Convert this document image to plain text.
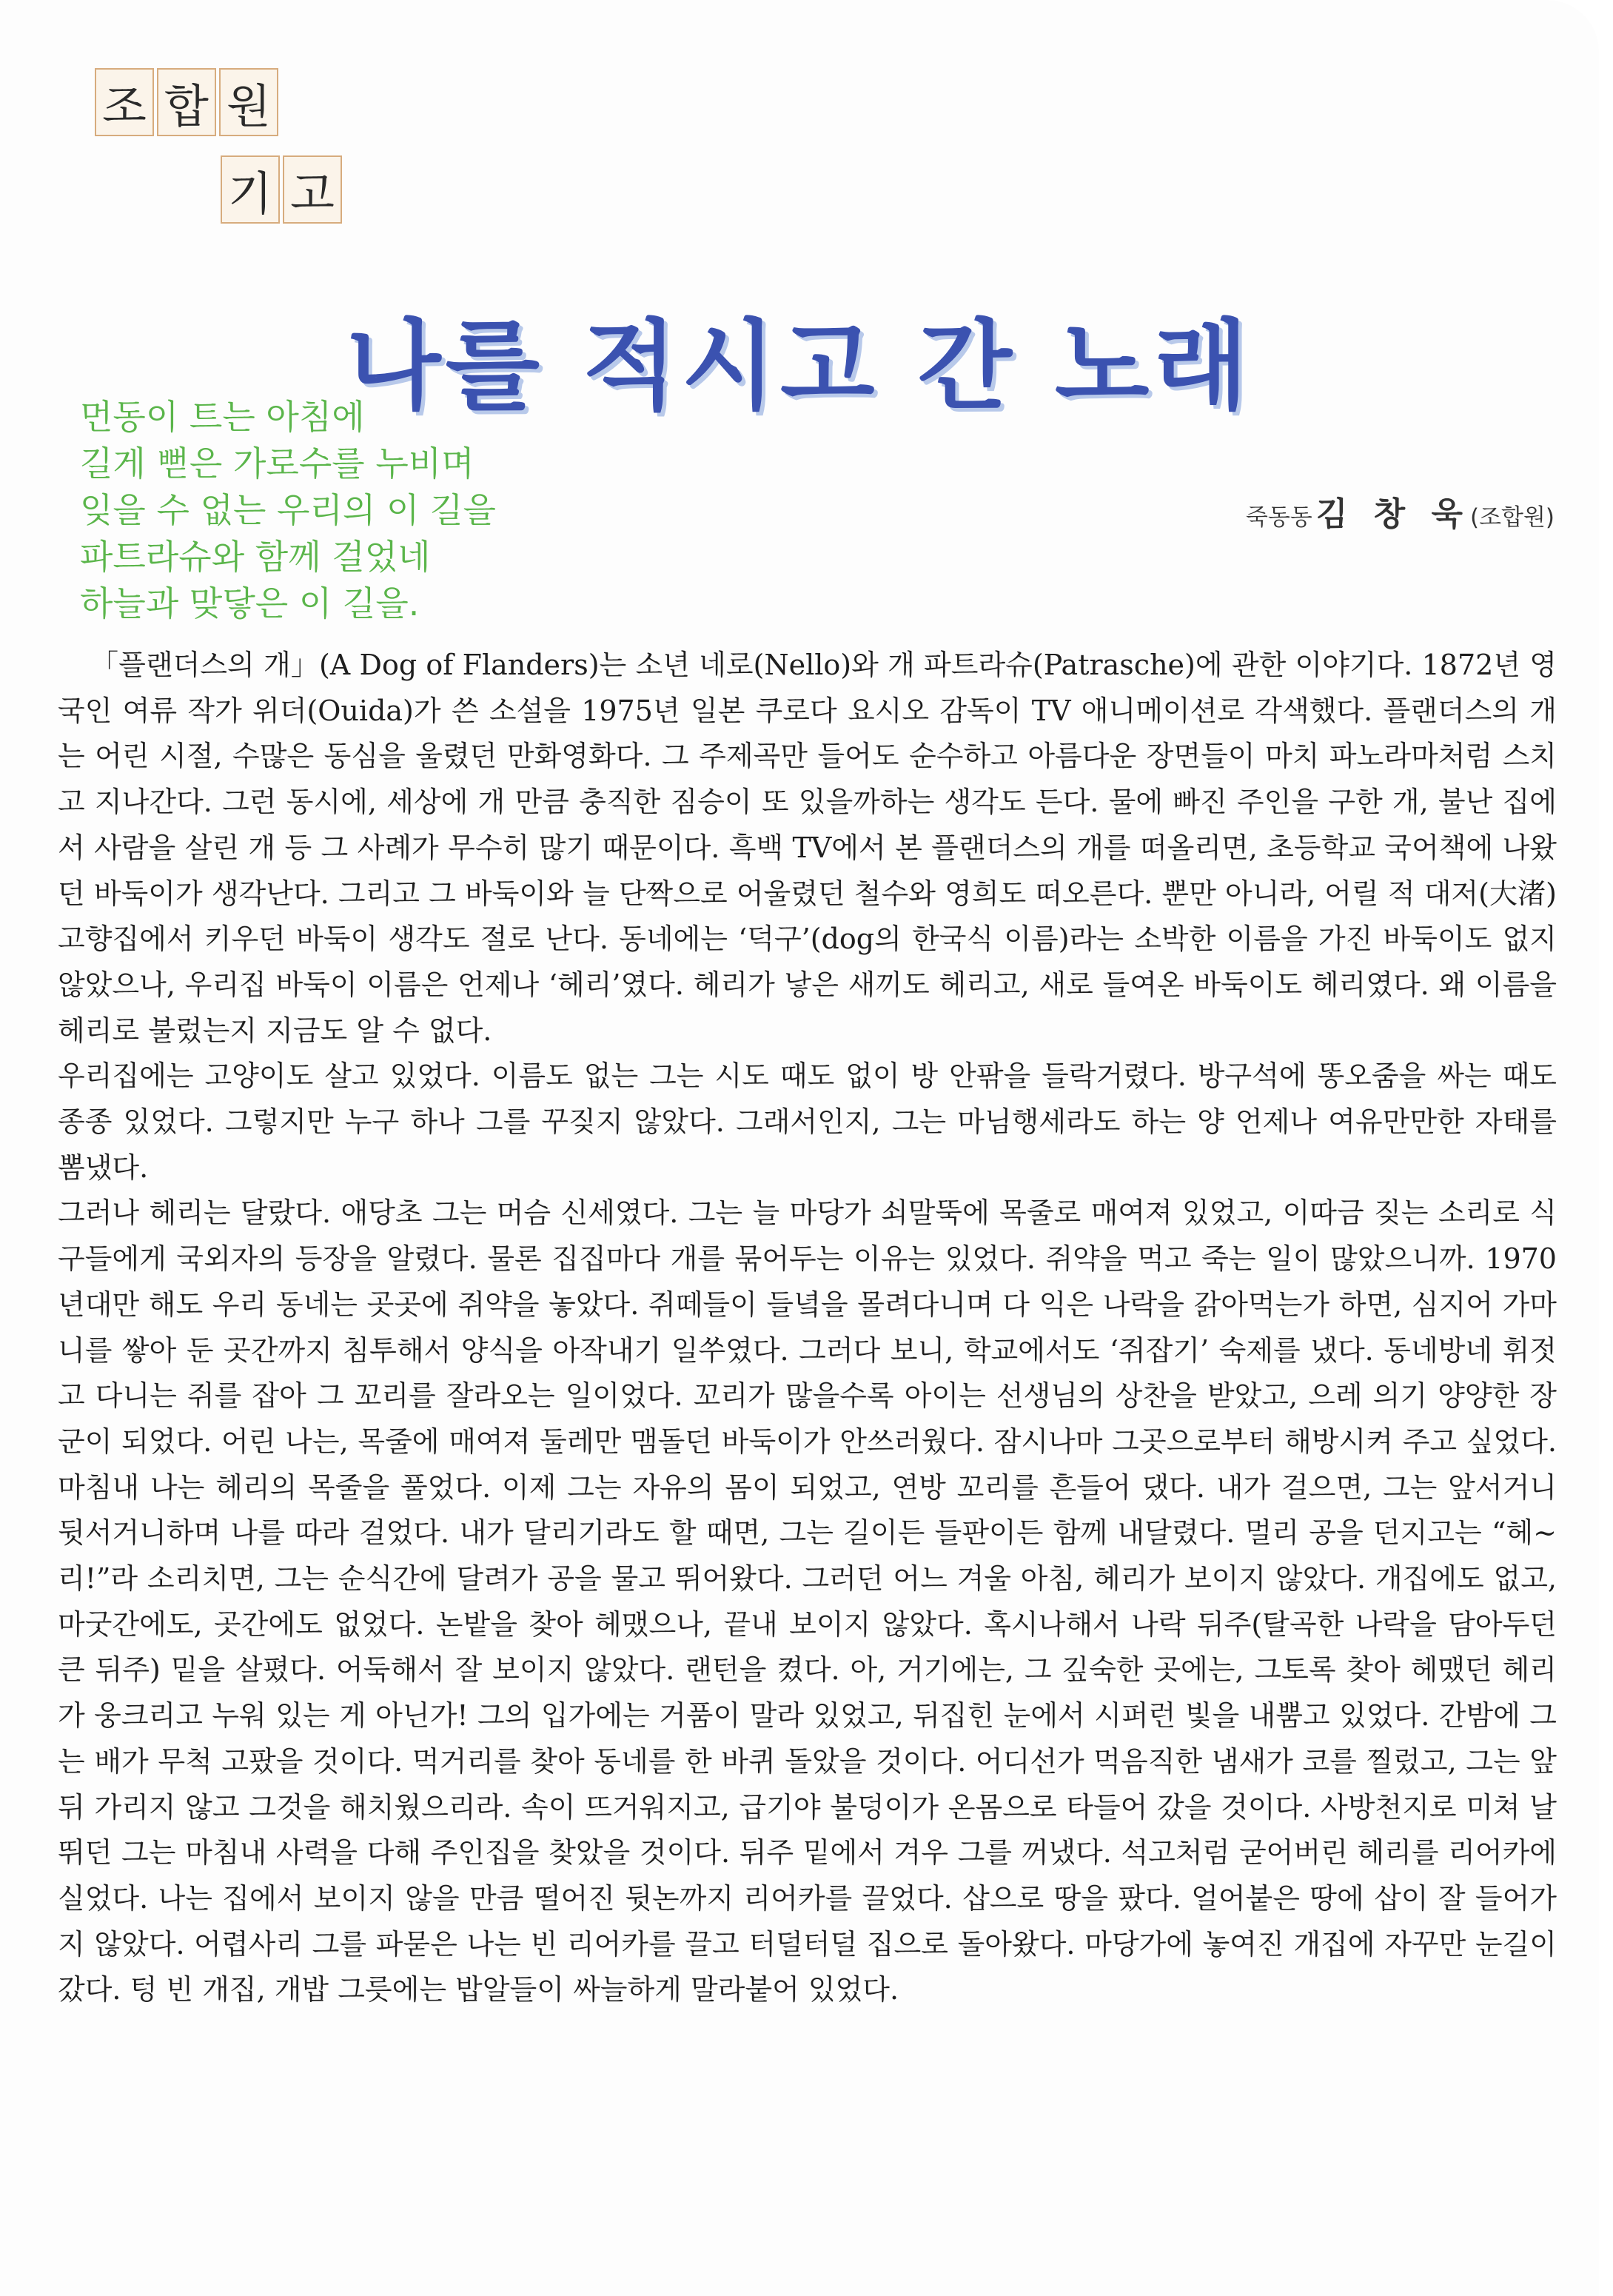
조 합 원
기 고
나를 적시고 간 노래
먼동이 트는 아침에
길게 뻗은 가로수를 누비며
잊을 수 없는 우리의 이 길을
파트라슈와 함께 걸었네
하늘과 맞닿은 이 길을.
죽동동 김 창 욱(조합원)

「플랜더스의 개」(A Dog of Flanders)는 소년 네로(Nello)와 개 파트라슈(Patrasche)에 관한 이야기다. 1872년 영국인 여류 작가 위더(Ouida)가 쓴 소설을 1975년 일본 쿠로다 요시오 감독이 TV 애니메이션로 각색했다. 플랜더스의 개는 어린 시절, 수많은 동심을 울렸던 만화영화다. 그 주제곡만 들어도 순수하고 아름다운 장면들이 마치 파노라마처럼 스치고 지나간다. 그런 동시에, 세상에 개 만큼 충직한 짐승이 또 있을까하는 생각도 든다. 물에 빠진 주인을 구한 개, 불난 집에서 사람을 살린 개 등 그 사례가 무수히 많기 때문이다. 흑백 TV에서 본 플랜더스의 개를 떠올리면, 초등학교 국어책에 나왔던 바둑이가 생각난다. 그리고 그 바둑이와 늘 단짝으로 어울렸던 철수와 영희도 떠오른다. 뿐만 아니라, 어릴 적 대저(大渚) 고향집에서 키우던 바둑이 생각도 절로 난다. 동네에는 ‘덕구’(dog의 한국식 이름)라는 소박한 이름을 가진 바둑이도 없지 않았으나, 우리집 바둑이 이름은 언제나 ‘헤리’였다. 헤리가 낳은 새끼도 헤리고, 새로 들여온 바둑이도 헤리였다. 왜 이름을 헤리로 불렀는지 지금도 알 수 없다.

우리집에는 고양이도 살고 있었다. 이름도 없는 그는 시도 때도 없이 방 안팎을 들락거렸다. 방구석에 똥오줌을 싸는 때도 종종 있었다. 그렇지만 누구 하나 그를 꾸짖지 않았다. 그래서인지, 그는 마님행세라도 하는 양 언제나 여유만만한 자태를 뽐냈다.

그러나 헤리는 달랐다. 애당초 그는 머슴 신세였다. 그는 늘 마당가 쇠말뚝에 목줄로 매여져 있었고, 이따금 짖는 소리로 식구들에게 국외자의 등장을 알렸다. 물론 집집마다 개를 묶어두는 이유는 있었다. 쥐약을 먹고 죽는 일이 많았으니까. 1970년대만 해도 우리 동네는 곳곳에 쥐약을 놓았다. 쥐떼들이 들녘을 몰려다니며 다 익은 나락을 갉아먹는가 하면, 심지어 가마니를 쌓아 둔 곳간까지 침투해서 양식을 아작내기 일쑤였다. 그러다 보니, 학교에서도 ‘쥐잡기’ 숙제를 냈다. 동네방네 휘젓고 다니는 쥐를 잡아 그 꼬리를 잘라오는 일이었다. 꼬리가 많을수록 아이는 선생님의 상찬을 받았고, 으레 의기 양양한 장군이 되었다. 어린 나는, 목줄에 매여져 둘레만 맴돌던 바둑이가 안쓰러웠다. 잠시나마 그곳으로부터 해방시켜 주고 싶었다. 마침내 나는 헤리의 목줄을 풀었다. 이제 그는 자유의 몸이 되었고, 연방 꼬리를 흔들어 댔다. 내가 걸으면, 그는 앞서거니 뒷서거니하며 나를 따라 걸었다. 내가 달리기라도 할 때면, 그는 길이든 들판이든 함께 내달렸다. 멀리 공을 던지고는 “헤~리!”라 소리치면, 그는 순식간에 달려가 공을 물고 뛰어왔다. 그러던 어느 겨울 아침, 헤리가 보이지 않았다. 개집에도 없고, 마굿간에도, 곳간에도 없었다. 논밭을 찾아 헤맸으나, 끝내 보이지 않았다. 혹시나해서 나락 뒤주(탈곡한 나락을 담아두던 큰 뒤주) 밑을 살폈다. 어둑해서 잘 보이지 않았다. 랜턴을 켰다. 아, 거기에는, 그 깊숙한 곳에는, 그토록 찾아 헤맸던 헤리가 웅크리고 누워 있는 게 아닌가! 그의 입가에는 거품이 말라 있었고, 뒤집힌 눈에서 시퍼런 빛을 내뿜고 있었다. 간밤에 그는 배가 무척 고팠을 것이다. 먹거리를 찾아 동네를 한 바퀴 돌았을 것이다. 어디선가 먹음직한 냄새가 코를 찔렀고, 그는 앞뒤 가리지 않고 그것을 해치웠으리라. 속이 뜨거워지고, 급기야 불덩이가 온몸으로 타들어 갔을 것이다. 사방천지로 미쳐 날뛰던 그는 마침내 사력을 다해 주인집을 찾았을 것이다. 뒤주 밑에서 겨우 그를 꺼냈다. 석고처럼 굳어버린 헤리를 리어카에 실었다. 나는 집에서 보이지 않을 만큼 떨어진 뒷논까지 리어카를 끌었다. 삽으로 땅을 팠다. 얼어붙은 땅에 삽이 잘 들어가지 않았다. 어렵사리 그를 파묻은 나는 빈 리어카를 끌고 터덜터덜 집으로 돌아왔다. 마당가에 놓여진 개집에 자꾸만 눈길이 갔다. 텅 빈 개집, 개밥 그릇에는 밥알들이 싸늘하게 말라붙어 있었다.
